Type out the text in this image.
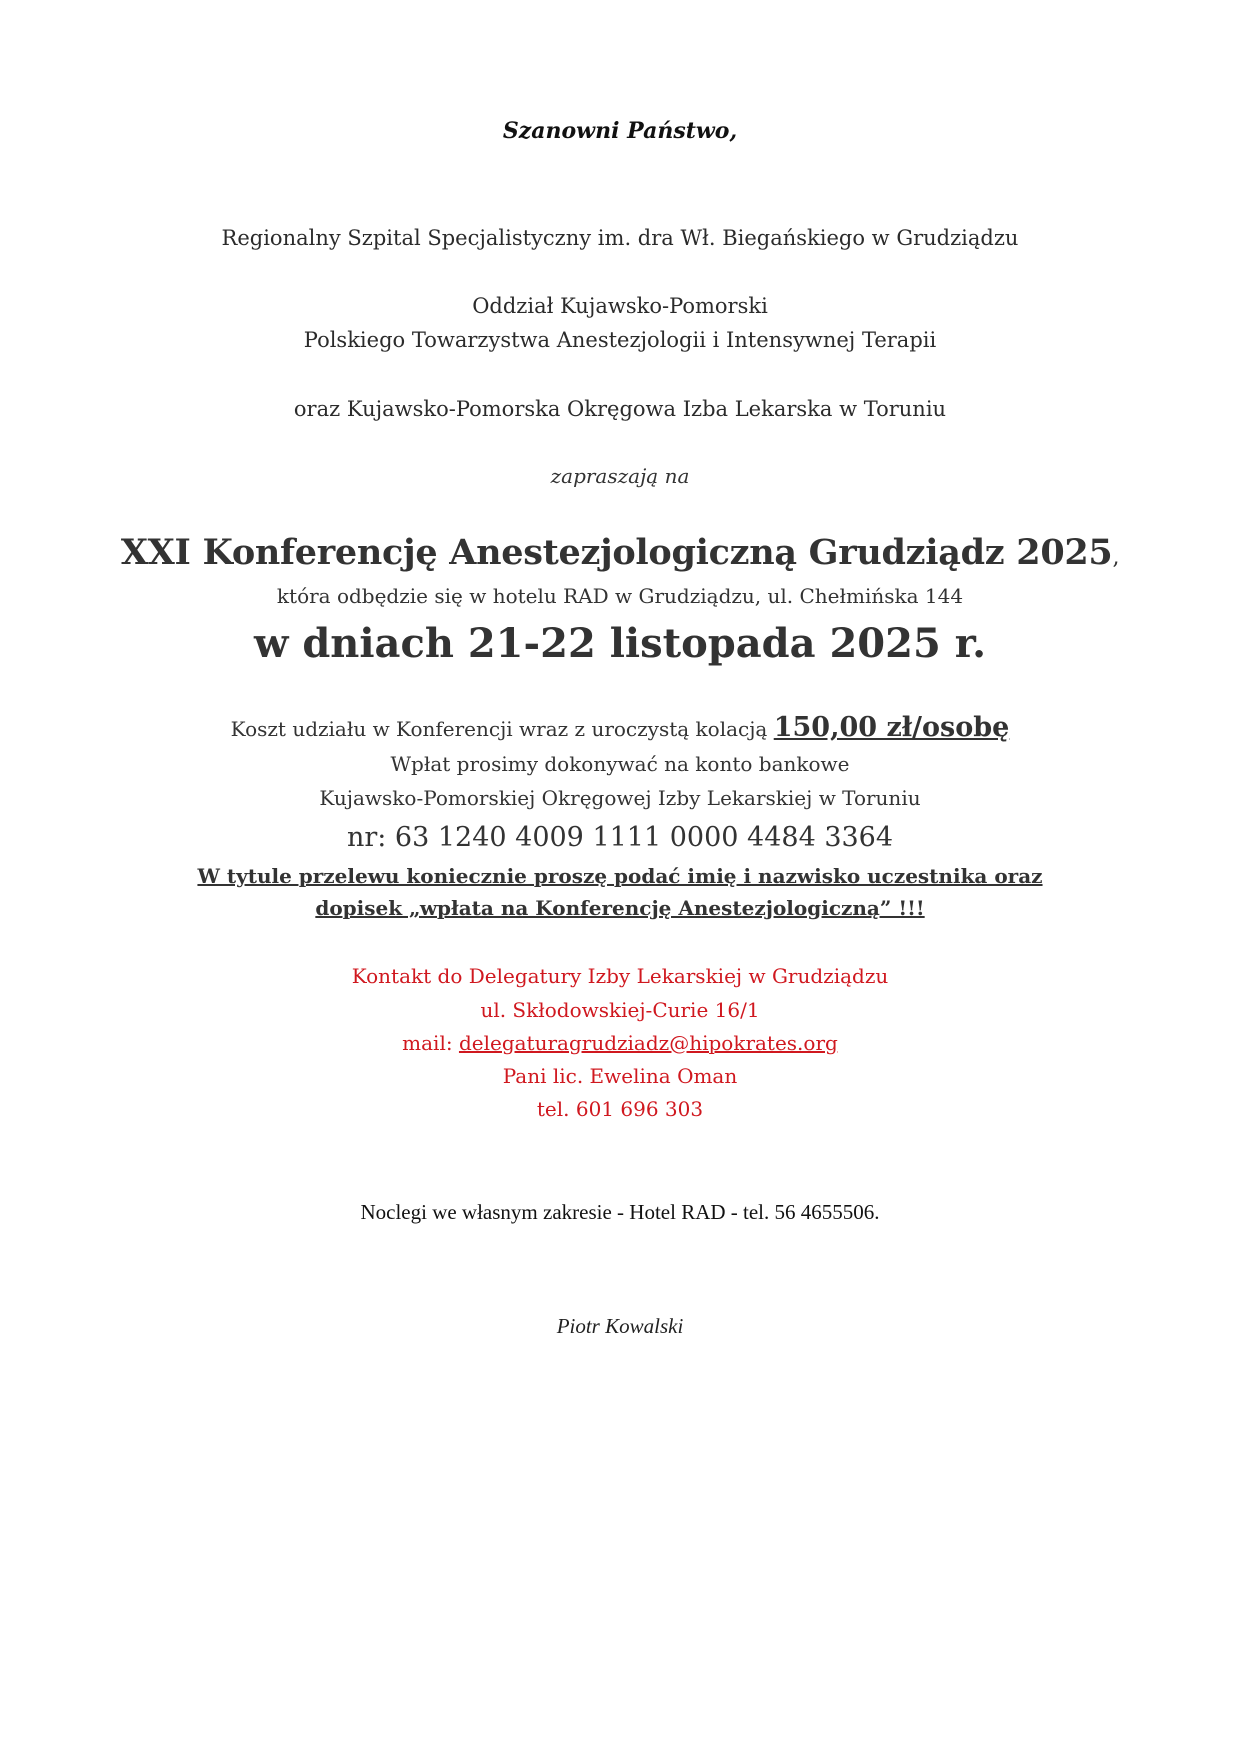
Szanowni Państwo,
Regionalny Szpital Specjalistyczny im. dra Wł. Biegańskiego w Grudziądzu
Oddział Kujawsko-Pomorski
Polskiego Towarzystwa Anestezjologii i Intensywnej Terapii
oraz Kujawsko-Pomorska Okręgowa Izba Lekarska w Toruniu
zapraszają na
XXI Konferencję Anestezjologiczną Grudziądz 2025,
która odbędzie się w hotelu RAD w Grudziądzu, ul. Chełmińska 144
w dniach 21-22 listopada 2025 r.
Koszt udziału w Konferencji wraz z uroczystą kolacją 150,00 zł/osobę
Wpłat prosimy dokonywać na konto bankowe
Kujawsko-Pomorskiej Okręgowej Izby Lekarskiej w Toruniu
nr: 63 1240 4009 1111 0000 4484 3364
W tytule przelewu koniecznie proszę podać imię i nazwisko uczestnika oraz
dopisek „wpłata na Konferencję Anestezjologiczną” !!!
Kontakt do Delegatury Izby Lekarskiej w Grudziądzu
ul. Skłodowskiej-Curie 16/1
mail: delegaturagrudziadz@hipokrates.org
Pani lic. Ewelina Oman
tel. 601 696 303
Noclegi we własnym zakresie - Hotel RAD - tel. 56 4655506.
Piotr Kowalski
